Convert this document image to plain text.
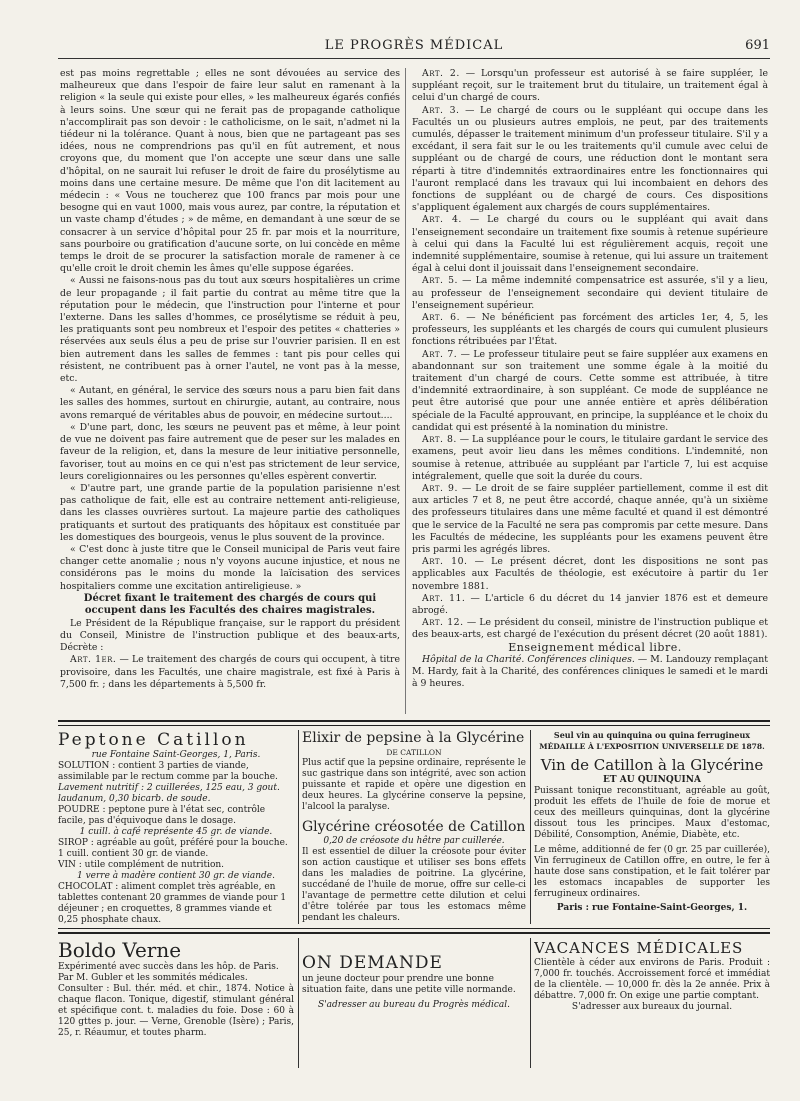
LE PROGRÈS MÉDICAL	691

est pas moins regrettable ; elles ne sont dévouées au service des malheureux que dans l'espoir de faire leur salut en ramenant à la religion « la seule qui existe pour elles, » les malheureux égarés confiés à leurs soins. Une sœur qui ne ferait pas de propagande catholique n'accomplirait pas son devoir : le catholicisme, on le sait, n'admet ni la tiédeur ni la tolérance. Quant à nous, bien que ne partageant pas ses idées, nous ne comprendrions pas qu'il en fût autrement, et nous croyons que, du moment que l'on accepte une sœur dans une salle d'hôpital, on ne saurait lui refuser le droit de faire du prosélytisme au moins dans une certaine mesure. De même que l'on dit lacitement au médecin : « Vous ne toucherez que 100 francs par mois pour une besogne qui en vaut 1000, mais vous aurez, par contre, la réputation et un vaste champ d'études ; » de même, en demandant à une sœur de se consacrer à un service d'hôpital pour 25 fr. par mois et la nourriture, sans pourboire ou gratification d'aucune sorte, on lui concède en même temps le droit de se procurer la satisfaction morale de ramener à ce qu'elle croit le droit chemin les âmes qu'elle suppose égarées.

« Aussi ne faisons-nous pas du tout aux sœurs hospitalières un crime de leur propagande ; il fait partie du contrat au même titre que la réputation pour le médecin, que l'instruction pour l'interne et pour l'externe. Dans les salles d'hommes, ce prosélytisme se réduit à peu, les pratiquants sont peu nombreux et l'espoir des petites « chatteries » réservées aux seuls élus a peu de prise sur l'ouvrier parisien. Il en est bien autrement dans les salles de femmes : tant pis pour celles qui résistent, ne contribuent pas à orner l'autel, ne vont pas à la messe, etc.

« Autant, en général, le service des sœurs nous a paru bien fait dans les salles des hommes, surtout en chirurgie, autant, au contraire, nous avons remarqué de véritables abus de pouvoir, en médecine surtout....

« D'une part, donc, les sœurs ne peuvent pas et même, à leur point de vue ne doivent pas faire autrement que de peser sur les malades en faveur de la religion, et, dans la mesure de leur initiative personnelle, favoriser, tout au moins en ce qui n'est pas strictement de leur service, leurs coreligionnaires ou les personnes qu'elles espèrent convertir.

« D'autre part, une grande partie de la population parisienne n'est pas catholique de fait, elle est au contraire nettement anti-religieuse, dans les classes ouvrières surtout. La majeure partie des catholiques pratiquants et surtout des pratiquants des hôpitaux est constituée par les domestiques des bourgeois, venus le plus souvent de la province.

« C'est donc à juste titre que le Conseil municipal de Paris veut faire changer cette anomalie ; nous n'y voyons aucune injustice, et nous ne considérons pas le moins du monde la laïcisation des services hospitaliers comme une excitation antireligieuse. »

Décret fixant le traitement des chargés de cours qui occupent dans les Facultés des chaires magistrales.

Le Président de la République française, sur le rapport du président du Conseil, Ministre de l'instruction publique et des beaux-arts, Décrète :

Art. 1er. — Le traitement des chargés de cours qui occupent, à titre provisoire, dans les Facultés, une chaire magistrale, est fixé à Paris à 7,500 fr. ; dans les départements à 5,500 fr.

Art. 2. — Lorsqu'un professeur est autorisé à se faire suppléer, le suppléant reçoit, sur le traitement brut du titulaire, un traitement égal à celui d'un chargé de cours.

Art. 3. — Le chargé de cours ou le suppléant qui occupe dans les Facultés un ou plusieurs autres emplois, ne peut, par des traitements cumulés, dépasser le traitement minimum d'un professeur titulaire. S'il y a excédant, il sera fait sur le ou les traitements qu'il cumule avec celui de suppléant ou de chargé de cours, une réduction dont le montant sera réparti à titre d'indemnités extraordinaires entre les fonctionnaires qui l'auront remplacé dans les travaux qui lui incombaient en dehors des fonctions de suppléant ou de chargé de cours. Ces dispositions s'appliquent également aux chargés de cours supplémentaires.

Art. 4. — Le chargé du cours ou le suppléant qui avait dans l'enseignement secondaire un traitement fixe soumis à retenue supérieure à celui qui dans la Faculté lui est régulièrement acquis, reçoit une indemnité supplémentaire, soumise à retenue, qui lui assure un traitement égal à celui dont il jouissait dans l'enseignement secondaire.

Art. 5. — La même indemnité compensatrice est assurée, s'il y a lieu, au professeur de l'enseignement secondaire qui devient titulaire de l'enseignement supérieur.

Art. 6. — Ne bénéficient pas forcément des articles 1er, 4, 5, les professeurs, les suppléants et les chargés de cours qui cumulent plusieurs fonctions rétribuées par l'État.

Art. 7. — Le professeur titulaire peut se faire suppléer aux examens en abandonnant sur son traitement une somme égale à la moitié du traitement d'un chargé de cours. Cette somme est attribuée, à titre d'indemnité extraordinaire, à son suppléant. Ce mode de suppléance ne peut être autorisé que pour une année entière et après délibération spéciale de la Faculté approuvant, en principe, la suppléance et le choix du candidat qui est présenté à la nomination du ministre.

Art. 8. — La suppléance pour le cours, le titulaire gardant le service des examens, peut avoir lieu dans les mêmes conditions. L'indemnité, non soumise à retenue, attribuée au suppléant par l'article 7, lui est acquise intégralement, quelle que soit la durée du cours.

Art. 9. — Le droit de se faire suppléer partiellement, comme il est dit aux articles 7 et 8, ne peut être accordé, chaque année, qu'à un sixième des professeurs titulaires dans une même faculté et quand il est démontré que le service de la Faculté ne sera pas compromis par cette mesure. Dans les Facultés de médecine, les suppléants pour les examens peuvent être pris parmi les agrégés libres.

Art. 10. — Le présent décret, dont les dispositions ne sont pas applicables aux Facultés de théologie, est exécutoire à partir du 1er novembre 1881.

Art. 11. — L'article 6 du décret du 14 janvier 1876 est et demeure abrogé.

Art. 12. — Le président du conseil, ministre de l'instruction publique et des beaux-arts, est chargé de l'exécution du présent décret (20 août 1881).

Enseignement médical libre.

Hôpital de la Charité. Conférences cliniques. — M. Landouzy remplaçant M. Hardy, fait à la Charité, des conférences cliniques le samedi et le mardi à 9 heures.

Peptone Catillon
rue Fontaine Saint-Georges, 1, Paris.

SOLUTION : contient 3 parties de viande, assimilable par le rectum comme par la bouche.

Lavement nutritif : 2 cuillerées, 125 eau, 3 gout. laudanum, 0,30 bicarb. de soude.

POUDRE : peptone pure à l'état sec, contrôle facile, pas d'équivoque dans le dosage.

1 cuill. à café représente 45 gr. de viande.

SIROP : agréable au goût, préféré pour la bouche. 1 cuill. contient 30 gr. de viande.

VIN : utile complément de nutrition.

1 verre à madère contient 30 gr. de viande.

CHOCOLAT : aliment complet très agréable, en tablettes contenant 20 grammes de viande pour 1 déjeuner ; en croquettes, 8 grammes viande et 0,25 phosphate chaux.

Elixir de pepsine à la Glycérine
DE CATILLON
Plus actif que la pepsine ordinaire, représente le suc gastrique dans son intégrité, avec son action puissante et rapide et opère une digestion en deux heures. La glycérine conserve la pepsine, l'alcool la paralyse.
Glycérine créosotée de Catillon
0,20 de créosote du hêtre par cuillerée.
Il est essentiel de diluer la créosote pour éviter son action caustique et utiliser ses bons effets dans les maladies de poitrine. La glycérine, succédané de l'huile de morue, offre sur celle-ci l'avantage de permettre cette dilution et celui d'être tolérée par tous les estomacs même pendant les chaleurs.
Seul vin au quinquina ou quina ferrugineux
MÉDAILLE À L'EXPOSITION UNIVERSELLE DE 1878.
Vin de Catillon à la Glycérine
ET AU QUINQUINA
Puissant tonique reconstituant, agréable au goût, produit les effets de l'huile de foie de morue et ceux des meilleurs quinquinas, dont la glycérine dissout tous les principes. Maux d'estomac, Débilité, Consomption, Anémie, Diabète, etc.
Le même, additionné de fer (0 gr. 25 par cuillerée), Vin ferrugineux de Catillon offre, en outre, le fer à haute dose sans constipation, et le fait tolérer par les estomacs incapables de supporter les ferrugineux ordinaires.
Paris : rue Fontaine-Saint-Georges, 1.
Boldo Verne
Expérimenté avec succès dans les hôp. de Paris. Par M. Gubler et les sommités médicales.
Consulter : Bul. thér. méd. et chir., 1874. Notice à chaque flacon. Tonique, digestif, stimulant général et spécifique cont. t. maladies du foie. Dose : 60 à 120 gttes p. jour. — Verne, Grenoble (Isère) ; Paris, 25, r. Réaumur, et toutes pharm.
ON DEMANDE
un jeune docteur pour prendre une bonne situation faite, dans une petite ville normande.
S'adresser au bureau du Progrès médical.
VACANCES MÉDICALES
Clientèle à céder aux environs de Paris. Produit : 7,000 fr. touchés. Accroissement forcé et immédiat de la clientèle. — 10,000 fr. dès la 2e année. Prix à débattre. 7,000 fr. On exige une partie comptant.
S'adresser aux bureaux du journal.
